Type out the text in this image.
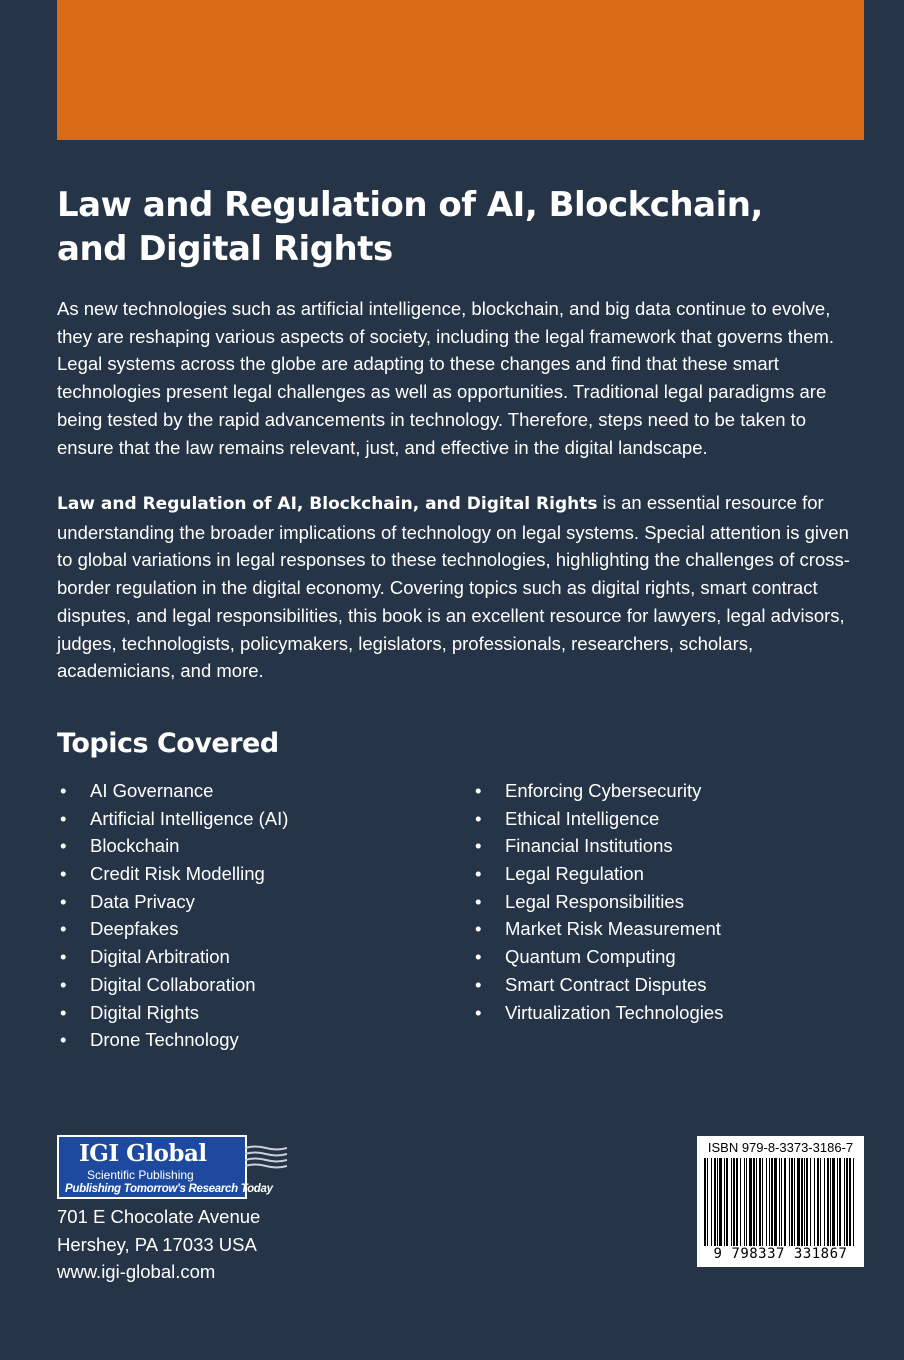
Law and Regulation of AI, Blockchain,
and Digital Rights

As new technologies such as artificial intelligence, blockchain, and big data continue to evolve, they are reshaping various aspects of society, including the legal framework that governs them. Legal systems across the globe are adapting to these changes and find that these smart technologies present legal challenges as well as opportunities. Traditional legal paradigms are being tested by the rapid advancements in technology. Therefore, steps need to be taken to ensure that the law remains relevant, just, and effective in the digital landscape.

Law and Regulation of AI, Blockchain, and Digital Rights is an essential resource for understanding the broader implications of technology on legal systems. Special attention is given to global variations in legal responses to these technologies, highlighting the challenges of cross-border regulation in the digital economy. Covering topics such as digital rights, smart contract disputes, and legal responsibilities, this book is an excellent resource for lawyers, legal advisors, judges, technologists, policymakers, legislators, professionals, researchers, scholars, academicians, and more.

Topics Covered
• AI Governance
• Artificial Intelligence (AI)
• Blockchain
• Credit Risk Modelling
• Data Privacy
• Deepfakes
• Digital Arbitration
• Digital Collaboration
• Digital Rights
• Drone Technology
• Enforcing Cybersecurity
• Ethical Intelligence
• Financial Institutions
• Legal Regulation
• Legal Responsibilities
• Market Risk Measurement
• Quantum Computing
• Smart Contract Disputes
• Virtualization Technologies
IGI Global
Scientific Publishing
Publishing Tomorrow's Research Today

701 E Chocolate Avenue
Hershey, PA 17033 USA
www.igi-global.com

ISBN 979-8-3373-3186-7
9 798337 331867
